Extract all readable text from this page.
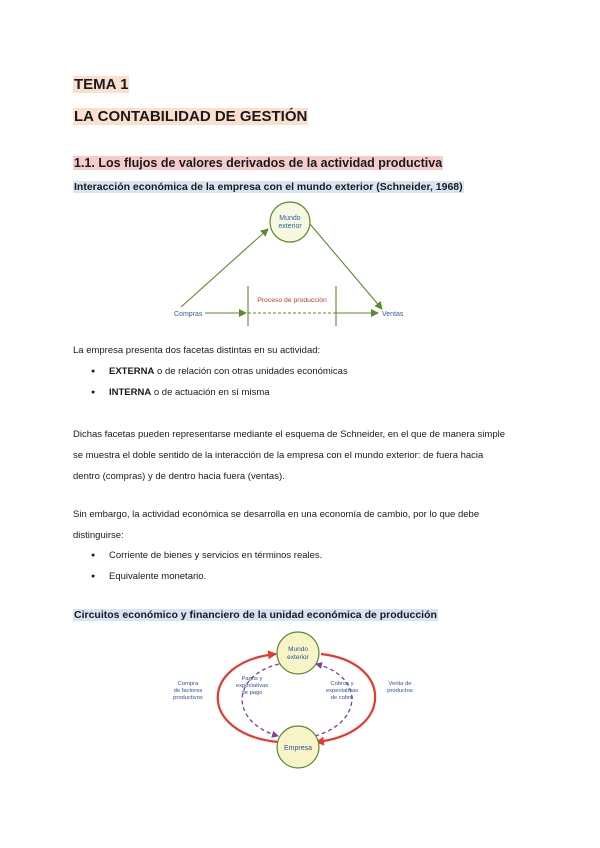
TEMA 1
LA CONTABILIDAD DE GESTIÓN
1.1. Los flujos de valores derivados de la actividad productiva
Interacción económica de la empresa con el mundo exterior (Schneider, 1968)
Mundo
exterior
Proceso de producción
Compras	Ventas

La empresa presenta dos facetas distintas en su actividad:

● EXTERNA o de relación con otras unidades económicas
● INTERNA o de actuación en sí misma

Dichas facetas pueden representarse mediante el esquema de Schneider, en el que de manera simple
se muestra el doble sentido de la interacción de la empresa con el mundo exterior: de fuera hacia
dentro (compras) y de dentro hacia fuera (ventas).

Sin embargo, la actividad económica se desarrolla en una economía de cambio, por lo que debe
distinguirse:

● Corriente de bienes y servicios en términos reales.
● Equivalente monetario.
Circuitos económico y financiero de la unidad económica de producción
Mundo
exterior
Empresa
Compra
de factores
productivos
Pagos y
expectativas
de pago
Cobros y
expectativas
de cobro
Venta de
productos
